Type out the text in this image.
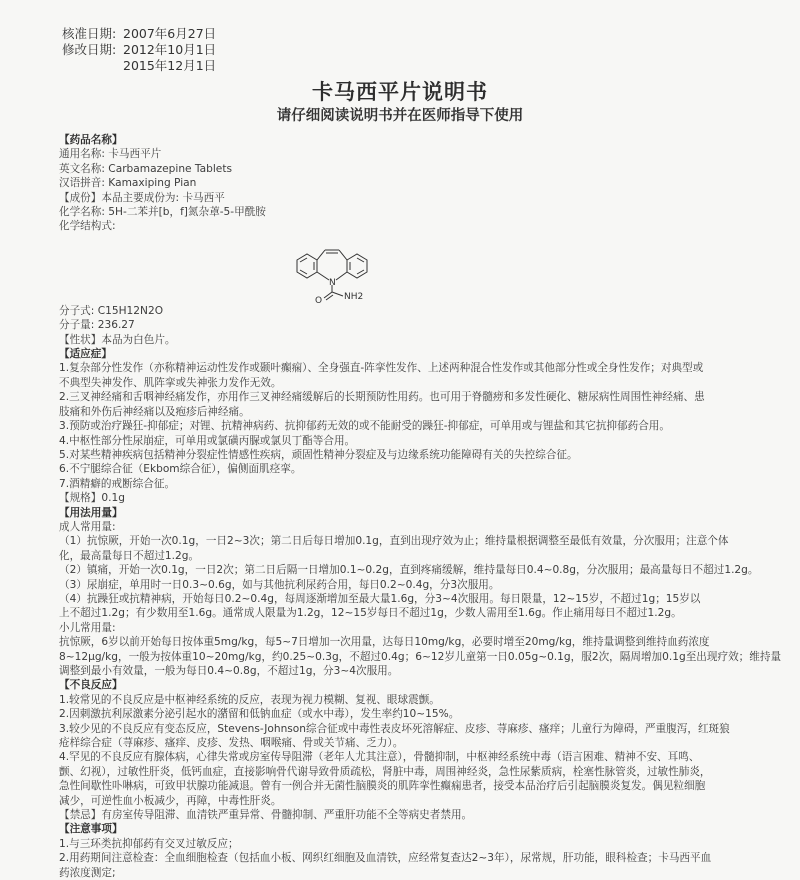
核准日期: 2007年6月27日
修改日期: 2012年10月1日
2015年12月1日
卡马西平片说明书
请仔细阅读说明书并在医师指导下使用

【药品名称】

通用名称: 卡马西平片

英文名称: Carbamazepine Tablets

汉语拼音: Kamaxiping Pian

【成份】本品主要成份为: 卡马西平

化学名称: 5H-二苯并[b，f]氮杂䓬-5-甲酰胺

化学结构式:

N
O NH2

分子式: C15H12N2O

分子量: 236.27

【性状】本品为白色片。

【适应症】

1.复杂部分性发作（亦称精神运动性发作或颞叶癫痫）、全身强直-阵挛性发作、上述两种混合性发作或其他部分性或全身性发作；对典型或

不典型失神发作、肌阵挛或失神张力发作无效。

2.三叉神经痛和舌咽神经痛发作，亦用作三叉神经痛缓解后的长期预防性用药。也可用于脊髓痨和多发性硬化、糖尿病性周围性神经痛、患

肢痛和外伤后神经痛以及疱疹后神经痛。

3.预防或治疗躁狂-抑郁症；对锂、抗精神病药、抗抑郁药无效的或不能耐受的躁狂-抑郁症，可单用或与锂盐和其它抗抑郁药合用。

4.中枢性部分性尿崩症，可单用或氯磺丙脲或氯贝丁酯等合用。

5.对某些精神疾病包括精神分裂症性情感性疾病，顽固性精神分裂症及与边缘系统功能障碍有关的失控综合征。

6.不宁腿综合征（Ekbom综合征），偏侧面肌痉挛。

7.酒精癖的戒断综合征。

【规格】0.1g

【用法用量】

成人常用量:

（1）抗惊厥，开始一次0.1g，一日2~3次；第二日后每日增加0.1g，直到出现疗效为止；维持量根据调整至最低有效量，分次服用；注意个体

化，最高量每日不超过1.2g。

（2）镇痛，开始一次0.1g，一日2次；第二日后隔一日增加0.1~0.2g，直到疼痛缓解，维持量每日0.4~0.8g，分次服用；最高量每日不超过1.2g。

（3）尿崩症，单用时一日0.3~0.6g，如与其他抗利尿药合用，每日0.2~0.4g，分3次服用。

（4）抗躁狂或抗精神病，开始每日0.2~0.4g，每周逐渐增加至最大量1.6g，分3~4次服用。每日限量，12~15岁，不超过1g；15岁以

上不超过1.2g；有少数用至1.6g。通常成人限量为1.2g，12~15岁每日不超过1g，少数人需用至1.6g。作止痛用每日不超过1.2g。

小儿常用量:

抗惊厥，6岁以前开始每日按体重5mg/kg，每5~7日增加一次用量，达每日10mg/kg，必要时增至20mg/kg，维持量调整到维持血药浓度

8~12μg/kg，一般为按体重10~20mg/kg，约0.25~0.3g，不超过0.4g；6~12岁儿童第一日0.05g~0.1g，服2次，隔周增加0.1g至出现疗效；维持量

调整到最小有效量，一般为每日0.4~0.8g，不超过1g，分3~4次服用。

【不良反应】

1.较常见的不良反应是中枢神经系统的反应，表现为视力模糊、复视、眼球震颤。

2.因刺激抗利尿激素分泌引起水的潴留和低钠血症（或水中毒），发生率约10~15%。

3.较少见的不良反应有变态反应，Stevens-Johnson综合征或中毒性表皮坏死溶解症、皮疹、荨麻疹、瘙痒；儿童行为障碍，严重腹泻，红斑狼

疮样综合症（荨麻疹、瘙痒、皮疹、发热、咽喉痛、骨或关节痛、乏力）。

4.罕见的不良反应有腺体病，心律失常或房室传导阻滞（老年人尤其注意），骨髓抑制，中枢神经系统中毒（语言困难、精神不安、耳鸣、

颤、幻视），过敏性肝炎，低钙血症，直接影响骨代谢导致骨质疏松，肾脏中毒，周围神经炎，急性尿紫质病，栓塞性脉管炎，过敏性肺炎，

急性间歇性卟啉病，可致甲状腺功能减退。曾有一例合并无菌性脑膜炎的肌阵挛性癫痫患者，接受本品治疗后引起脑膜炎复发。偶见粒细胞

减少，可逆性血小板减少，再障，中毒性肝炎。

【禁忌】有房室传导阻滞、血清铁严重异常、骨髓抑制、严重肝功能不全等病史者禁用。

【注意事项】

1.与三环类抗抑郁药有交叉过敏反应；

2.用药期间注意检查：全血细胞检查（包括血小板、网织红细胞及血清铁，应经常复查达2~3年），尿常规，肝功能，眼科检查；卡马西平血

药浓度测定;
